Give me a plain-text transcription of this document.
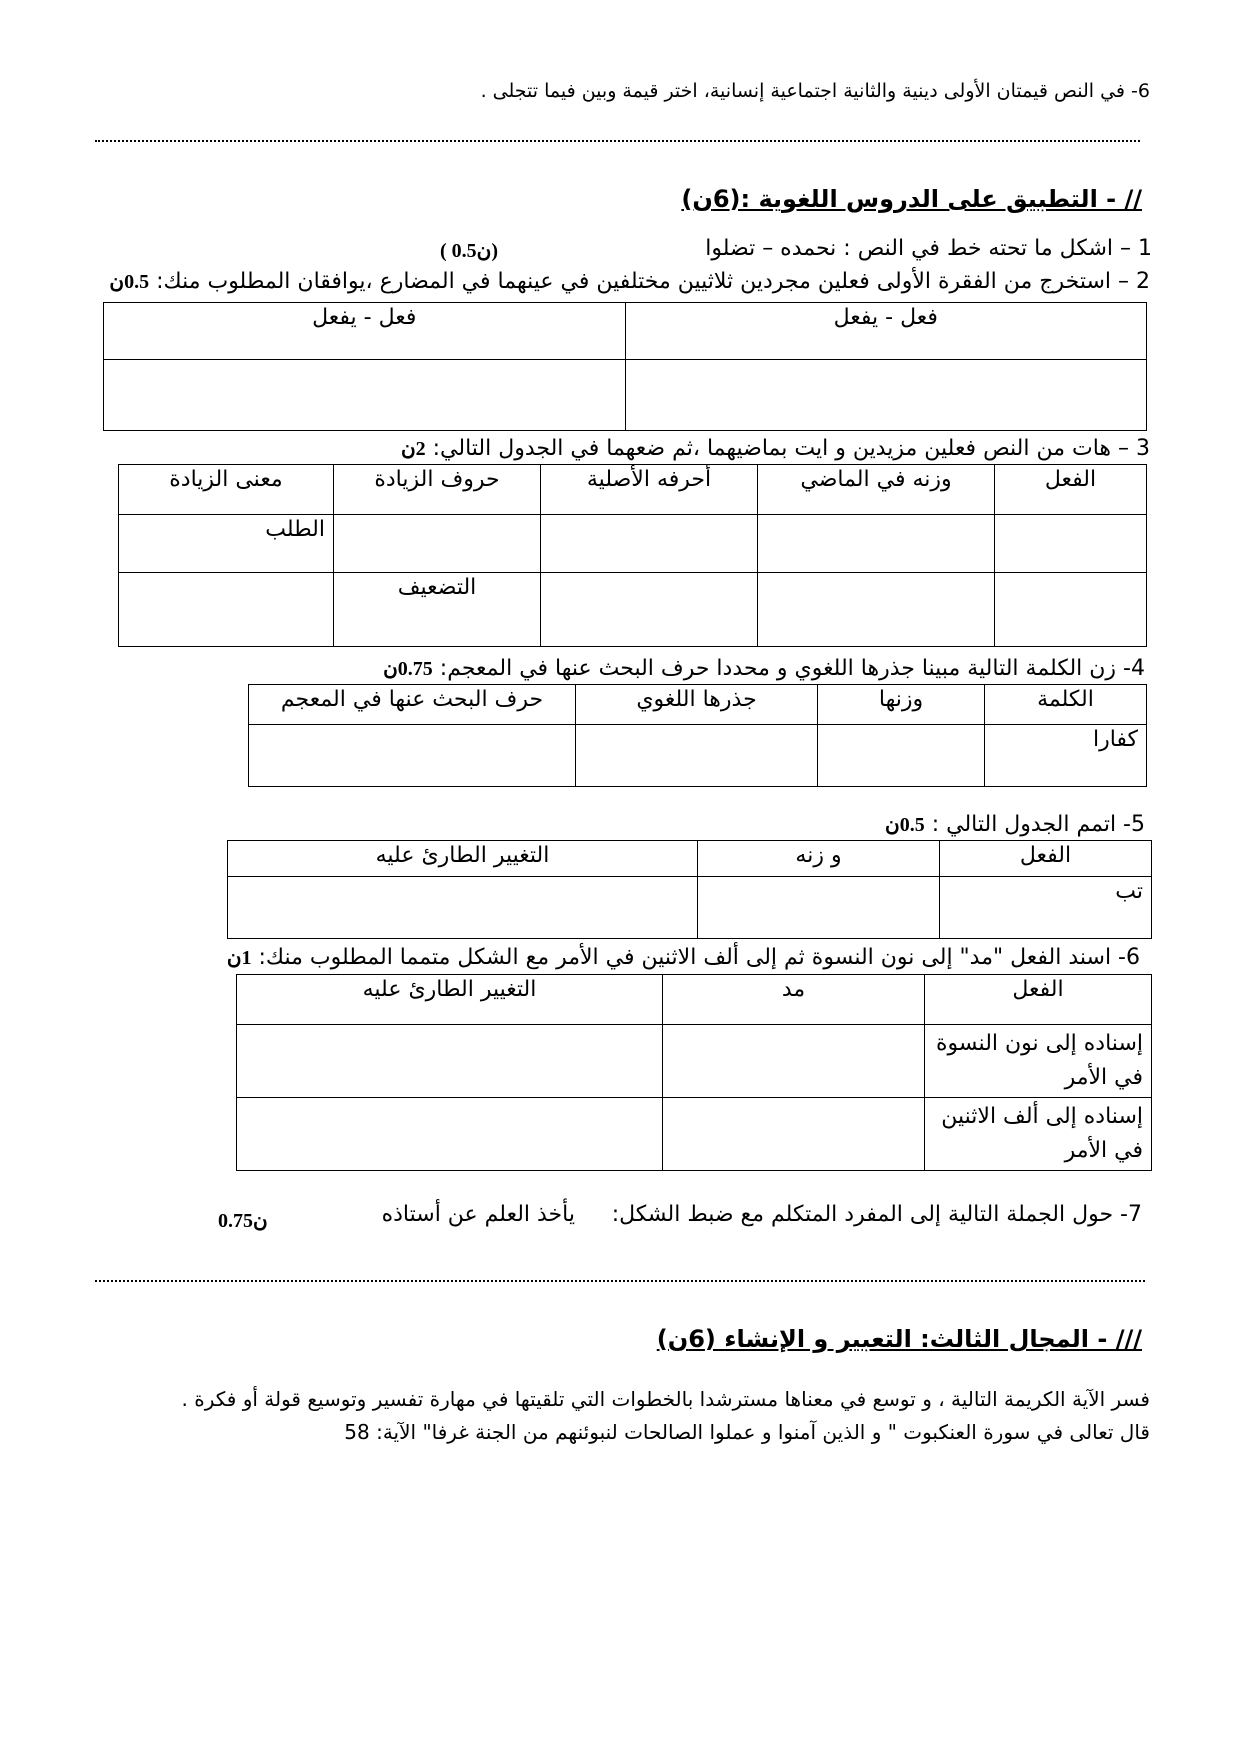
6- في النص قيمتان الأولى دينية والثانية اجتماعية إنسانية، اختر قيمة وبين فيما تتجلى .
// - التطبيق على الدروس اللغوية :(6ن)
1 – اشكل ما تحته خط في النص : نحمده – تضلوا
( 0.5ن)
2 – استخرج من الفقرة الأولى فعلين مجردين ثلاثيين مختلفين في عينهما في المضارع ،يوافقان المطلوب منك: 0.5ن
فعل - يفعل	فعل - يفعل

3 – هات من النص فعلين مزيدين و ايت بماضيهما ،ثم ضعهما في الجدول التالي: 2ن
الفعل	وزنه في الماضي	أحرفه الأصلية	حروف الزيادة	معنى الزيادة
				الطلب
			التضعيف	
4- زن الكلمة التالية مبينا جذرها اللغوي و محددا حرف البحث عنها في المعجم: 0.75ن
الكلمة	وزنها	جذرها اللغوي	حرف البحث عنها في المعجم
كفارا			
5- اتمم الجدول التالي : 0.5ن
الفعل	و زنه	التغيير الطارئ عليه
تب		
6- اسند الفعل "مد" إلى نون النسوة ثم إلى ألف الاثنين في الأمر مع الشكل متمما المطلوب منك: 1ن
الفعل	مد	التغيير الطارئ عليه

إسناده إلى نون النسوة
في الأمر		

إسناده إلى ألف الاثنين
في الأمر		

7- حول الجملة التالية إلى المفرد المتكلم مع ضبط الشكل:
يأخذ العلم عن أستاذه
0.75ن
/// - المجال الثالث: التعبير و الإنشاء (6ن)
فسر الآية الكريمة التالية ، و توسع في معناها مسترشدا بالخطوات التي تلقيتها في مهارة تفسير وتوسيع قولة أو فكرة .
قال تعالى في سورة العنكبوت " و الذين آمنوا و عملوا الصالحات لنبوئنهم من الجنة غرفا" الآية: 58
